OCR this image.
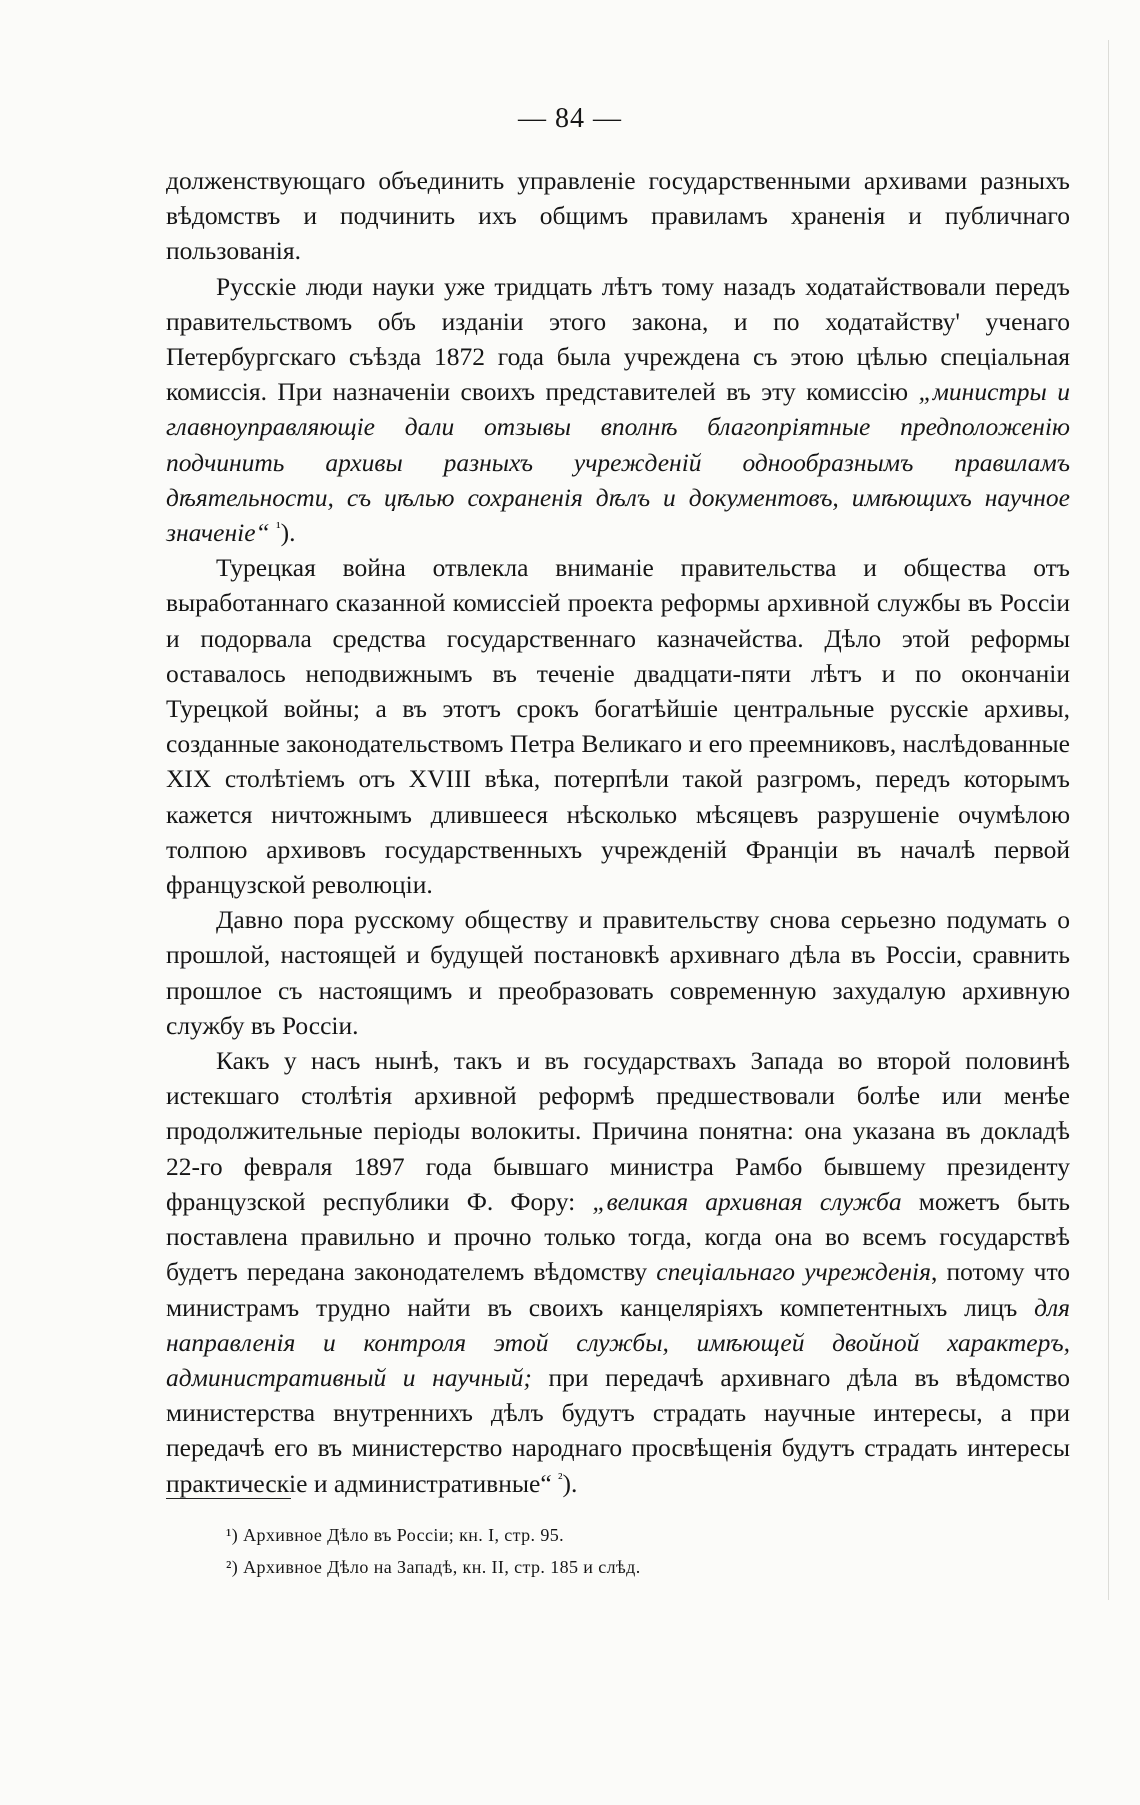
— 84 —

долженствующаго объединить управленіе государственными архивами разныхъ вѣдомствъ и подчинить ихъ общимъ правиламъ храненія и публичнаго пользованія.

Русскіе люди науки уже тридцать лѣтъ тому назадъ ходатайствовали передъ правительствомъ объ изданіи этого закона, и по ходатайству' ученаго Петербургскаго съѣзда 1872 года была учреждена съ этою цѣлью спеціальная комиссія. При назначеніи своихъ представителей въ эту комиссію „министры и главноуправляющіе дали отзывы вполнѣ благопріятные предположенію подчинить архивы разныхъ учрежденій однообразнымъ правиламъ дѣятельности, съ цѣлью сохраненія дѣлъ и документовъ, имѣющихъ научное значеніе“ $^{^1}$).

Турецкая война отвлекла вниманіе правительства и общества отъ выработаннаго сказанной комиссіей проекта реформы архивной службы въ Россіи и подорвала средства государственнаго казначейства. Дѣло этой реформы оставалось неподвижнымъ въ теченіе двадцати-пяти лѣтъ и по окончаніи Турецкой войны; а въ этотъ срокъ богатѣйшіе центральные русскіе архивы, созданные законодательствомъ Петра Великаго и его преемниковъ, наслѣдованные XIX столѣтіемъ отъ XVIII вѣка, потерпѣли такой разгромъ, передъ которымъ кажется ничтожнымъ длившееся нѣсколько мѣсяцевъ разрушеніе очумѣлою толпою архивовъ государственныхъ учрежденій Франціи въ началѣ первой французской революціи.

Давно пора русскому обществу и правительству снова серьезно подумать о прошлой, настоящей и будущей постановкѣ архивнаго дѣла въ Россіи, сравнить прошлое съ настоящимъ и преобразовать современную захудалую архивную службу въ Россіи.

Какъ у насъ нынѣ, такъ и въ государствахъ Запада во второй половинѣ истекшаго столѣтія архивной реформѣ предшествовали болѣе или менѣе продолжительные періоды волокиты. Причина понятна: она указана въ докладѣ 22-го февраля 1897 года бывшаго министра Рамбо бывшему президенту французской республики Ф. Фору: „великая архивная служба можетъ быть поставлена правильно и прочно только тогда, когда она во всемъ государствѣ будетъ передана законодателемъ вѣдомству спеціальнаго учрежденія, потому что министрамъ трудно найти въ своихъ канцеляріяхъ компетентныхъ лицъ для направленія и контроля этой службы, имѣющей двойной характеръ, административный и научный; при передачѣ архивнаго дѣла въ вѣдомство министерства внутреннихъ дѣлъ будутъ страдать научные интересы, а при передачѣ его въ министерство народнаго просвѣщенія будутъ страдать интересы практическіе и административные“ $^{^2}$).

¹) Архивное Дѣло въ Россіи; кн. I, стр. 95.
²) Архивное Дѣло на Западѣ, кн. II, стр. 185 и слѣд.
